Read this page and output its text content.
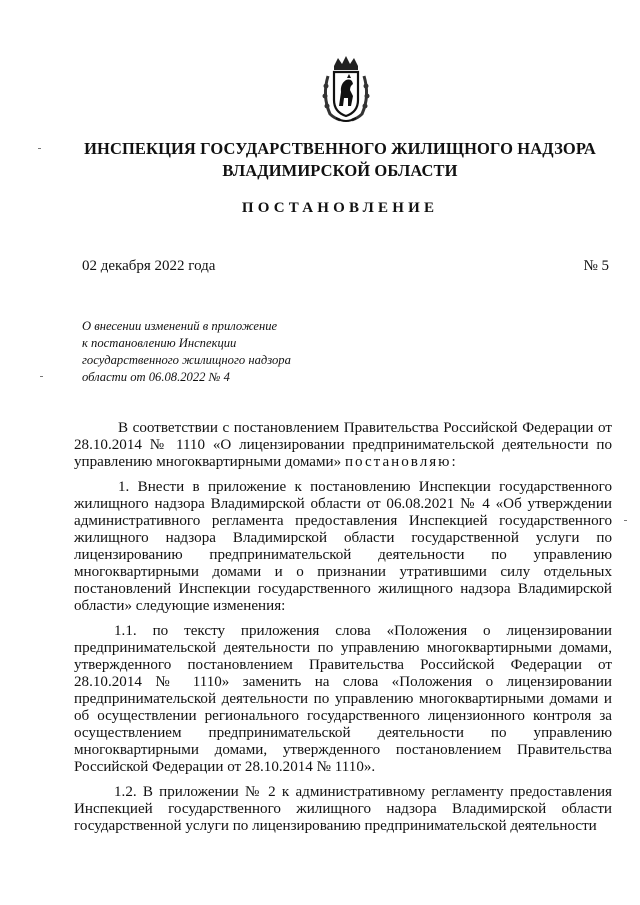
ИНСПЕКЦИЯ ГОСУДАРСТВЕННОГО ЖИЛИЩНОГО НАДЗОРА
ВЛАДИМИРСКОЙ ОБЛАСТИ
ПОСТАНОВЛЕНИЕ
02 декабря 2022 года	№ 5
О внесении изменений в приложение
к постановлению Инспекции
государственного жилищного надзора
области от 06.08.2022 № 4

В соответствии с постановлением Правительства Российской Федерации от 28.10.2014 № 1110 «О лицензировании предпринимательской деятельности по управлению многоквартирными домами» постановляю:

1. Внести в приложение к постановлению Инспекции государственного жилищного надзора Владимирской области от 06.08.2021 № 4 «Об утверждении административного регламента предоставления Инспекцией государственного жилищного надзора Владимирской области государственной услуги по лицензированию предпринимательской деятельности по управлению многоквартирными домами и о признании утратившими силу отдельных постановлений Инспекции государственного жилищного надзора Владимирской области» следующие изменения:

1.1. по тексту приложения слова «Положения о лицензировании предпринимательской деятельности по управлению многоквартирными домами, утвержденного постановлением Правительства Российской Федерации от 28.10.2014 № 1110» заменить на слова «Положения о лицензировании предпринимательской деятельности по управлению многоквартирными домами и об осуществлении регионального государственного лицензионного контроля за осуществлением предпринимательской деятельности по управлению многоквартирными домами, утвержденного постановлением Правительства Российской Федерации от 28.10.2014 № 1110».

1.2. В приложении № 2 к административному регламенту предоставления Инспекцией государственного жилищного надзора Владимирской области государственной услуги по лицензированию предпринимательской деятельности
